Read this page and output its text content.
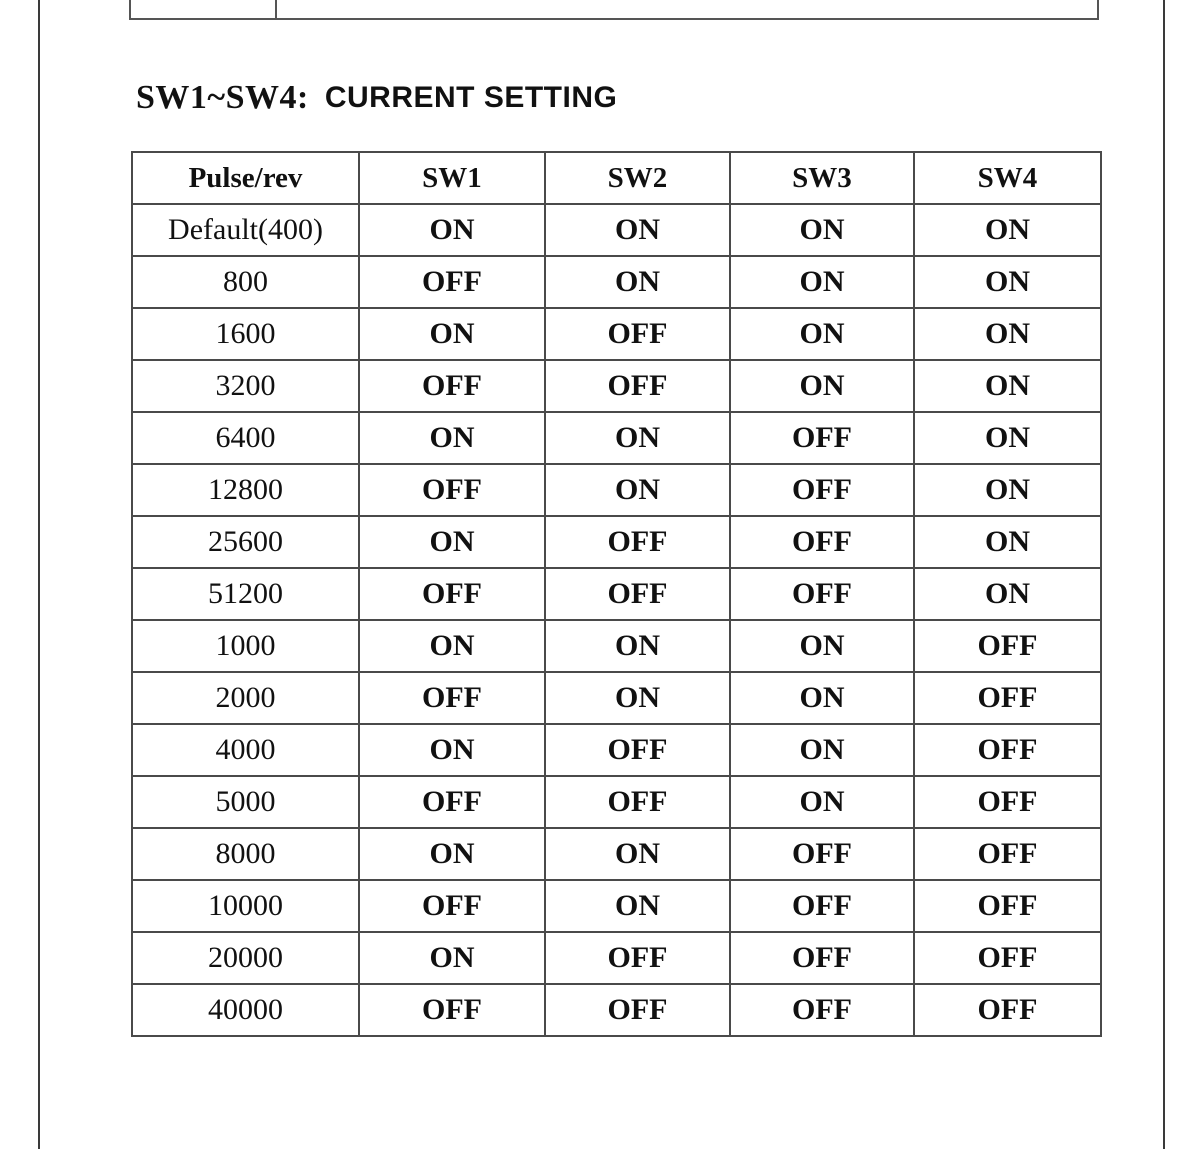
SW1~SW4: CURRENT SETTING
Pulse/rev	SW1	SW2	SW3	SW4
Default(400)	ON	ON	ON	ON
800	OFF	ON	ON	ON
1600	ON	OFF	ON	ON
3200	OFF	OFF	ON	ON
6400	ON	ON	OFF	ON
12800	OFF	ON	OFF	ON
25600	ON	OFF	OFF	ON
51200	OFF	OFF	OFF	ON
1000	ON	ON	ON	OFF
2000	OFF	ON	ON	OFF
4000	ON	OFF	ON	OFF
5000	OFF	OFF	ON	OFF
8000	ON	ON	OFF	OFF
10000	OFF	ON	OFF	OFF
20000	ON	OFF	OFF	OFF
40000	OFF	OFF	OFF	OFF
